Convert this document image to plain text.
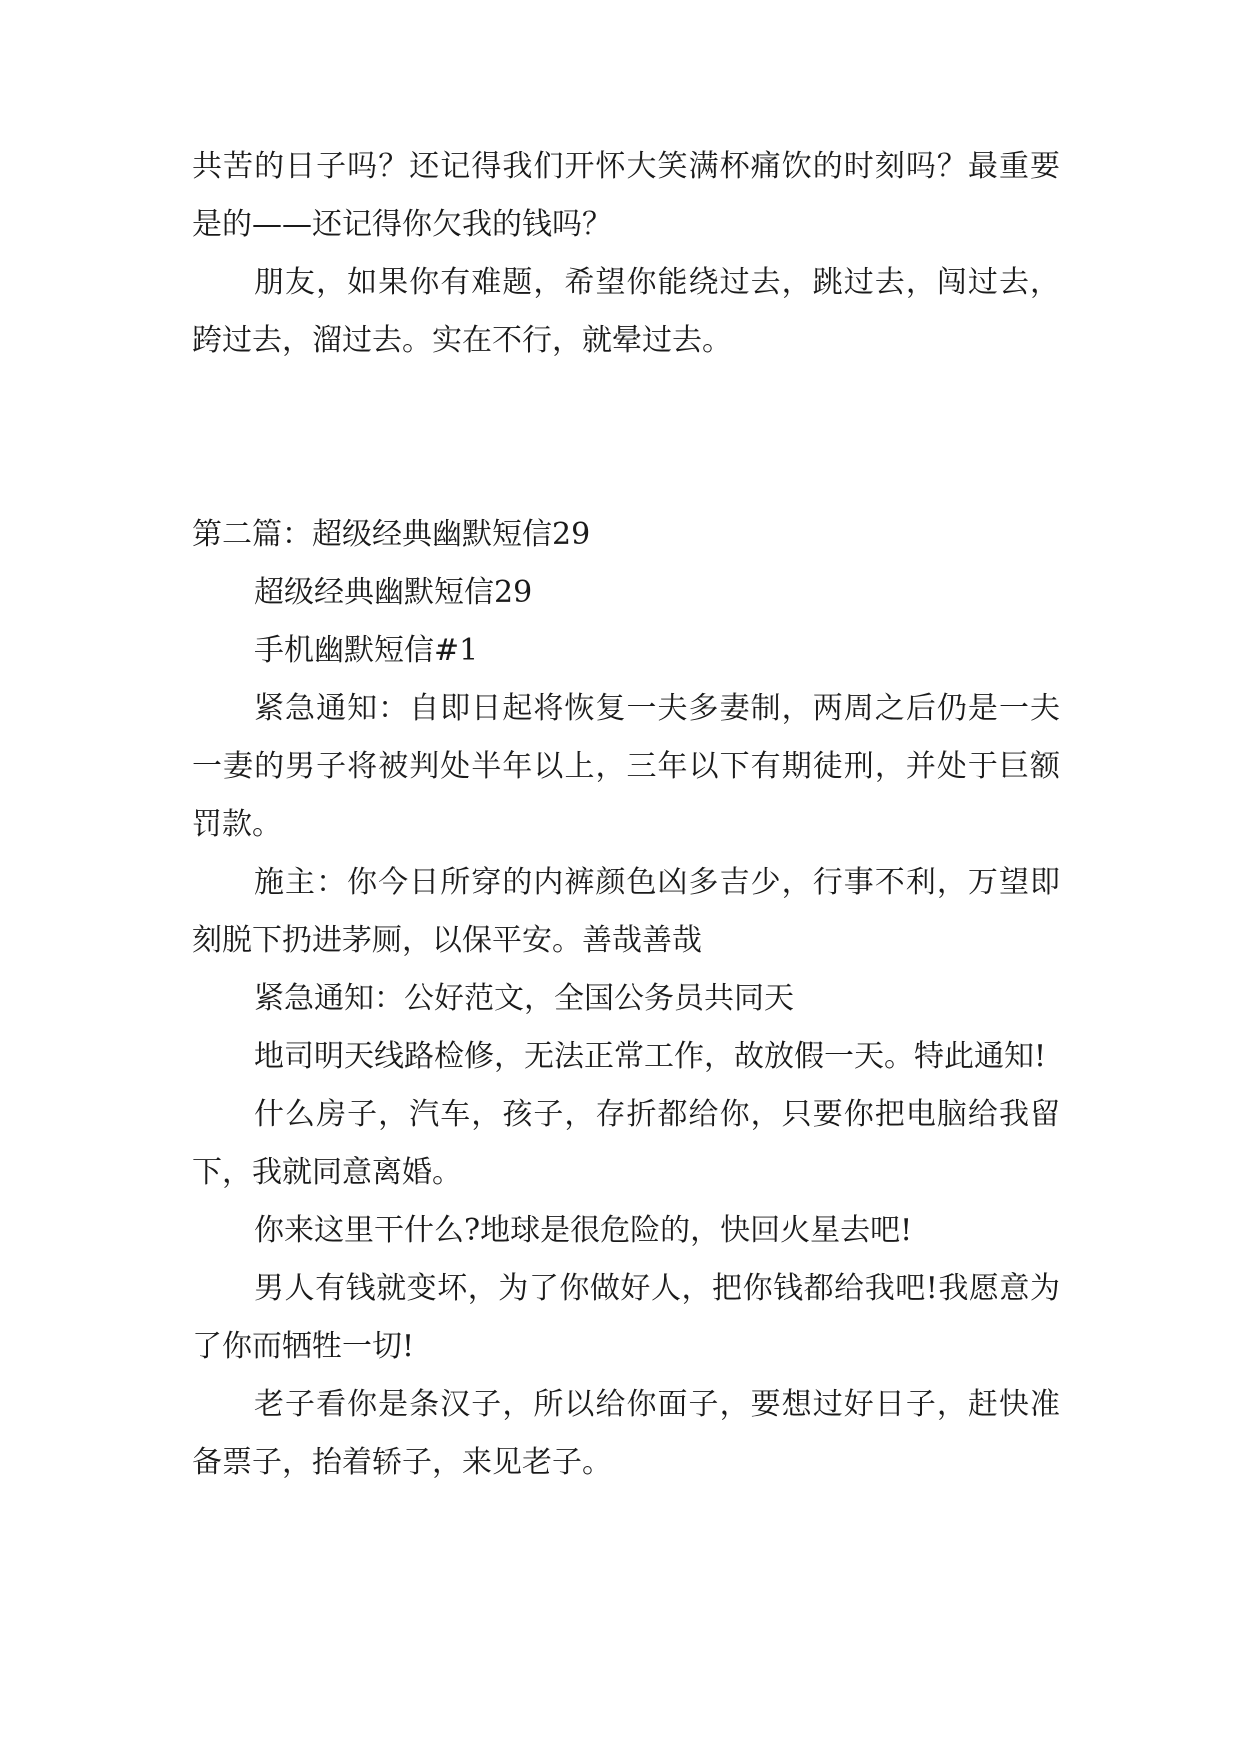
共苦的日子吗？还记得我们开怀大笑满杯痛饮的时刻吗？最重要是的——还记得你欠我的钱吗？

朋友，如果你有难题，希望你能绕过去，跳过去，闯过去，跨过去，溜过去。实在不行，就晕过去。

第二篇：超级经典幽默短信29

超级经典幽默短信29

手机幽默短信#1

紧急通知：自即日起将恢复一夫多妻制，两周之后仍是一夫一妻的男子将被判处半年以上，三年以下有期徒刑，并处于巨额罚款。

施主：你今日所穿的内裤颜色凶多吉少，行事不利，万望即刻脱下扔进茅厕，以保平安。善哉善哉

紧急通知：公好范文，全国公务员共同天

地司明天线路检修，无法正常工作，故放假一天。特此通知!

什么房子，汽车，孩子，存折都给你，只要你把电脑给我留下，我就同意离婚。

你来这里干什么?地球是很危险的，快回火星去吧!

男人有钱就变坏，为了你做好人，把你钱都给我吧!我愿意为了你而牺牲一切!

老子看你是条汉子，所以给你面子，要想过好日子，赶快准备票子，抬着轿子，来见老子。
